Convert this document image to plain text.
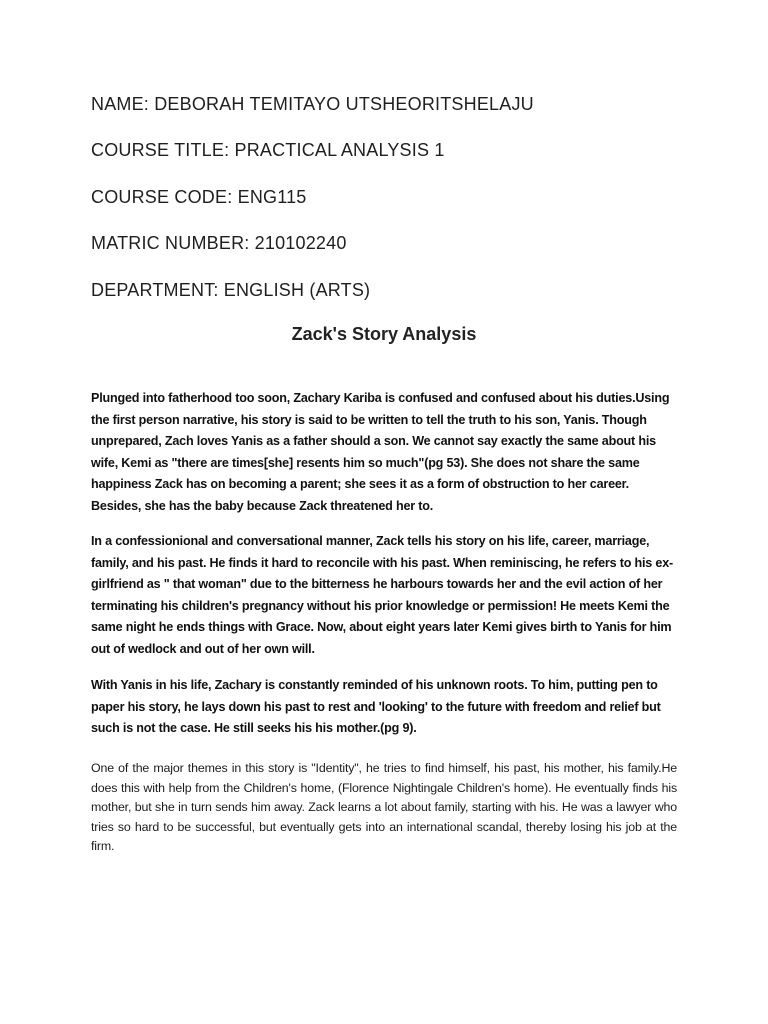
NAME: DEBORAH TEMITAYO UTSHEORITSHELAJU

COURSE TITLE: PRACTICAL ANALYSIS 1

COURSE CODE: ENG115

MATRIC NUMBER: 210102240

DEPARTMENT: ENGLISH (ARTS)

Zack's Story Analysis

Plunged into fatherhood too soon, Zachary Kariba is confused and confused about his duties.Using the first person narrative, his story is said to be written to tell the truth to his son, Yanis. Though unprepared, Zach loves Yanis as a father should a son. We cannot say exactly the same about his wife, Kemi as "there are times[she] resents him so much"(pg 53). She does not share the same happiness Zack has on becoming a parent; she sees it as a form of obstruction to her career. Besides, she has the baby because Zack threatened her to.

In a confessionional and conversational manner, Zack tells his story on his life, career, marriage, family, and his past. He finds it hard to reconcile with his past. When reminiscing, he refers to his ex-girlfriend as " that woman" due to the bitterness he harbours towards her and the evil action of her terminating his children's pregnancy without his prior knowledge or permission! He meets Kemi the same night he ends things with Grace. Now, about eight years later Kemi gives birth to Yanis for him out of wedlock and out of her own will.

With Yanis in his life, Zachary is constantly reminded of his unknown roots. To him, putting pen to paper his story, he lays down his past to rest and 'looking' to the future with freedom and relief but such is not the case. He still seeks his his mother.(pg 9).

One of the major themes in this story is "Identity", he tries to find himself, his past, his mother, his family.He does this with help from the Children's home, (Florence Nightingale Children's home). He eventually finds his mother, but she in turn sends him away. Zack learns a lot about family, starting with his. He was a lawyer who tries so hard to be successful, but eventually gets into an international scandal, thereby losing his job at the firm.
